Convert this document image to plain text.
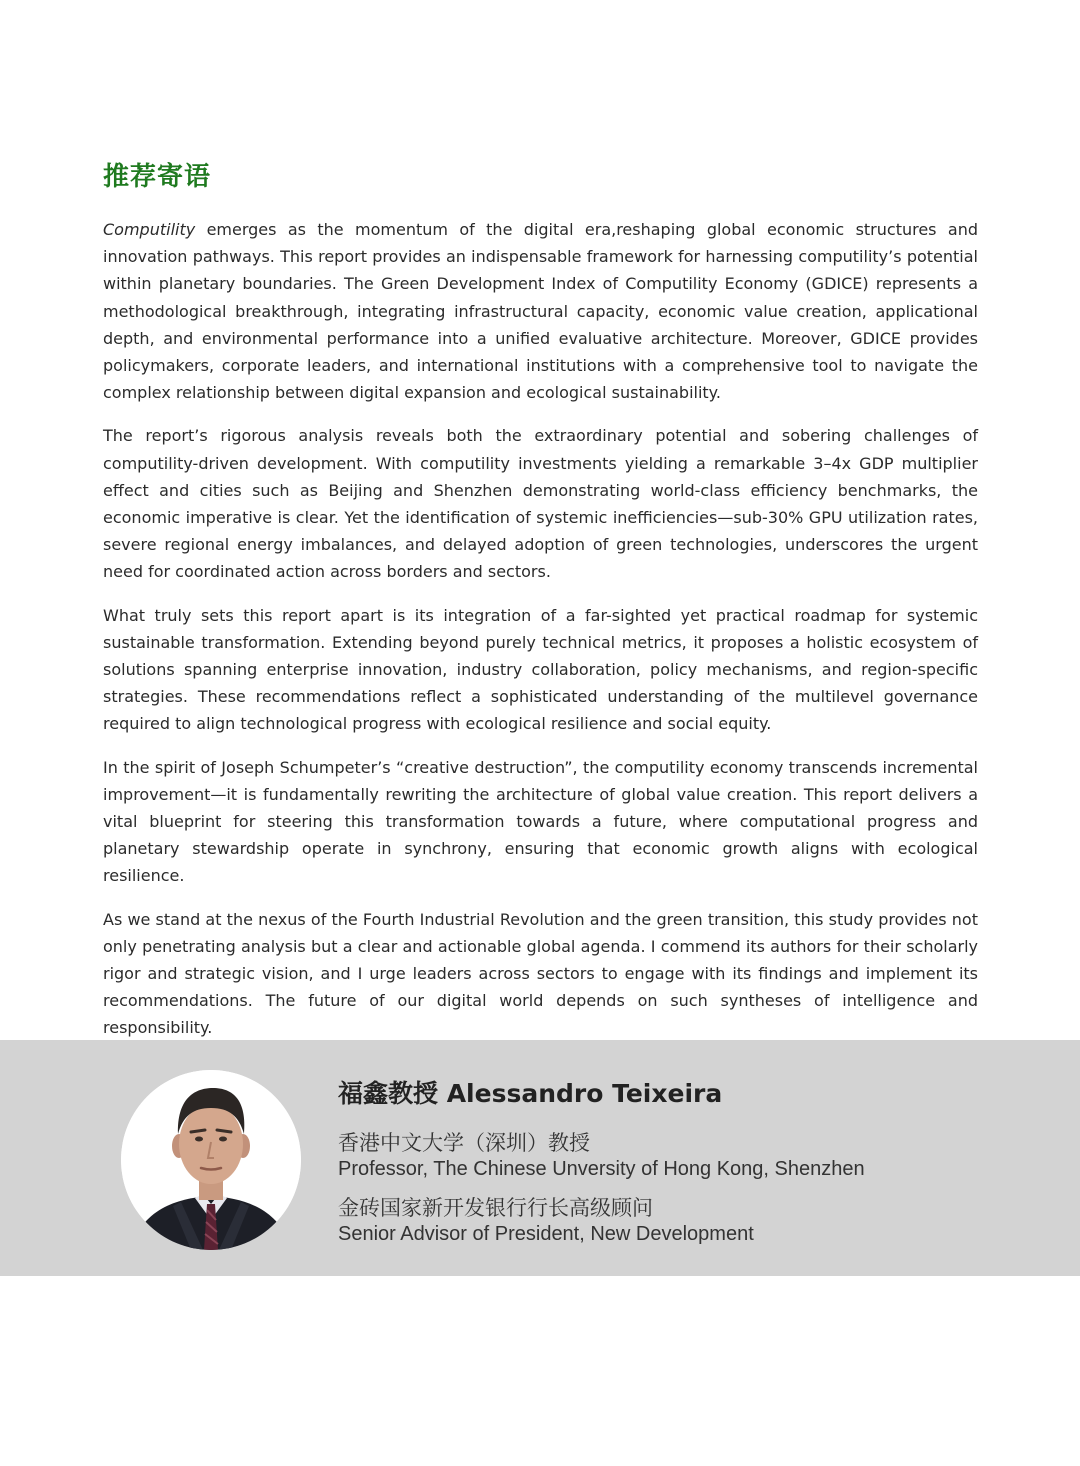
推荐寄语

Computility emerges as the momentum of the digital era,reshaping global economic structures and innovation pathways. This report provides an indispensable framework for harnessing computility’s potential within planetary boundaries. The Green Development Index of Computility Economy (GDICE) represents a methodological breakthrough, integrating infrastructural capacity, economic value creation, applicational depth, and environmental performance into a unified evaluative architecture. Moreover, GDICE provides policymakers, corporate leaders, and international institutions with a comprehensive tool to navigate the complex relationship between digital expansion and ecological sustainability.

The report’s rigorous analysis reveals both the extraordinary potential and sobering challenges of computility-driven development. With computility investments yielding a remarkable 3–4x GDP multiplier effect and cities such as Beijing and Shenzhen demonstrating world-class efficiency benchmarks, the economic imperative is clear. Yet the identification of systemic inefficiencies—sub-30% GPU utilization rates, severe regional energy imbalances, and delayed adoption of green technologies, underscores the urgent need for coordinated action across borders and sectors.

What truly sets this report apart is its integration of a far-sighted yet practical roadmap for systemic sustainable transformation. Extending beyond purely technical metrics, it proposes a holistic ecosystem of solutions spanning enterprise innovation, industry collaboration, policy mechanisms, and region-specific strategies. These recommendations reflect a sophisticated understanding of the multilevel governance required to align technological progress with ecological resilience and social equity.

In the spirit of Joseph Schumpeter’s “creative destruction”, the computility economy transcends incremental improvement—it is fundamentally rewriting the architecture of global value creation. This report delivers a vital blueprint for steering this transformation towards a future, where computational progress and planetary stewardship operate in synchrony, ensuring that economic growth aligns with ecological resilience.

As we stand at the nexus of the Fourth Industrial Revolution and the green transition, this study provides not only penetrating analysis but a clear and actionable global agenda. I commend its authors for their scholarly rigor and strategic vision, and I urge leaders across sectors to engage with its findings and implement its recommendations. The future of our digital world depends on such syntheses of intelligence and responsibility.

福鑫教授 Alessandro Teixeira
香港中文大学（深圳）教授
Professor, The Chinese Unversity of Hong Kong, Shenzhen
金砖国家新开发银行行长高级顾问
Senior Advisor of President, New Development
